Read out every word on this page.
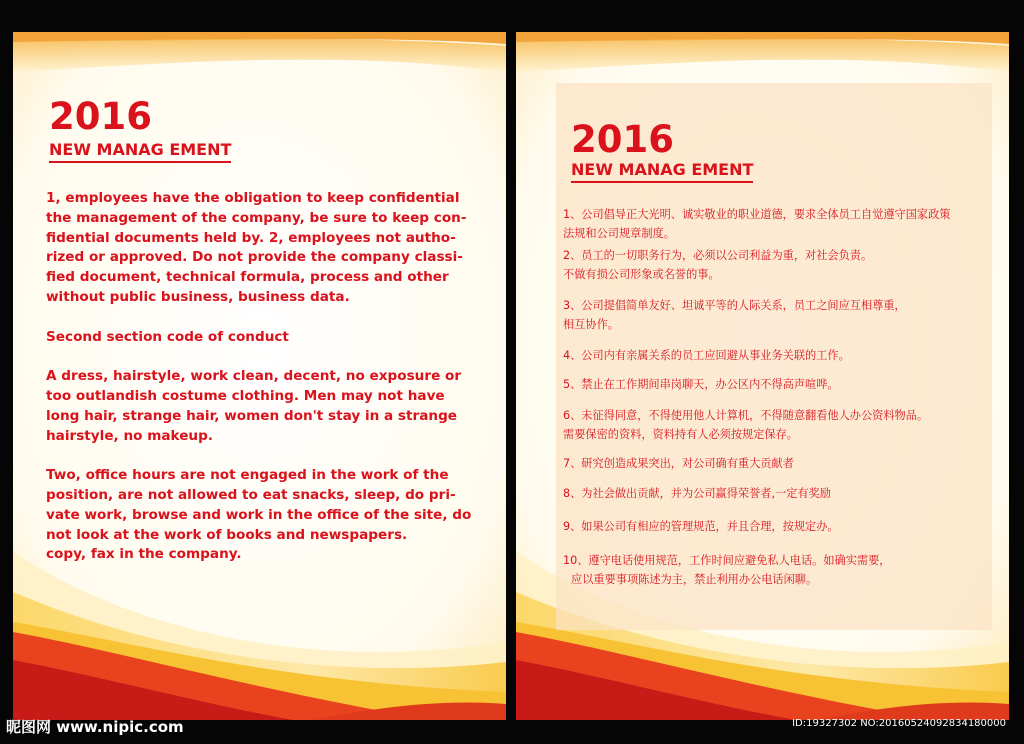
2016
NEW MANAG EMENT

1, employees have the obligation to keep confidential
the management of the company, be sure to keep con-
fidential documents held by. 2, employees not autho-
rized or approved. Do not provide the company classi-
fied document, technical formula, process and other
without public business, business data.

Second section code of conduct

A dress, hairstyle, work clean, decent, no exposure or
too outlandish costume clothing. Men may not have
long hair, strange hair, women don't stay in a strange
hairstyle, no makeup.

Two, office hours are not engaged in the work of the
position, are not allowed to eat snacks, sleep, do pri-
vate work, browse and work in the office of the site, do
not look at the work of books and newspapers.
copy, fax in the company.

2016
NEW MANAG EMENT
1、公司倡导正大光明、诚实敬业的职业道德，要求全体员工自觉遵守国家政策
法规和公司规章制度。
2、员工的一切职务行为，必须以公司利益为重，对社会负责。
不做有损公司形象或名誉的事。
3、公司提倡简单友好、坦诚平等的人际关系，员工之间应互相尊重，
相互协作。
4、公司内有亲属关系的员工应回避从事业务关联的工作。
5、禁止在工作期间串岗聊天，办公区内不得高声喧哗。
6、未征得同意，不得使用他人计算机，不得随意翻看他人办公资料物品。
需要保密的资料，资料持有人必须按规定保存。
7、研究创造成果突出，对公司确有重大贡献者
8、为社会做出贡献，并为公司赢得荣誉者,一定有奖励
9、如果公司有相应的管理规范，并且合理，按规定办。
10、遵守电话使用规范，工作时间应避免私人电话。如确实需要，
应以重要事项陈述为主，禁止利用办公电话闲聊。
昵图网 www.nipic.com	ID:19327302 NO:20160524092834180000
